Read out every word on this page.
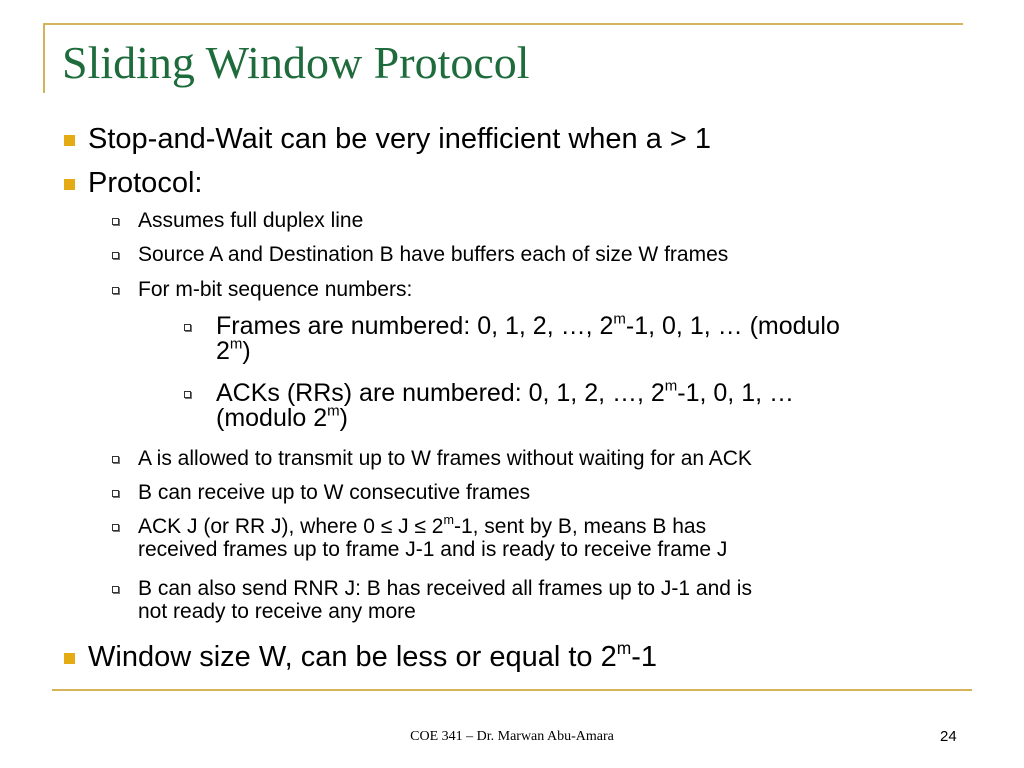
Sliding Window Protocol
Stop-and-Wait can be very inefficient when a > 1
Protocol:
Assumes full duplex line
Source A and Destination B have buffers each of size W frames
For m-bit sequence numbers:
Frames are numbered: 0, 1, 2, …, 2$^m$-1, 0, 1, … (modulo
2$^m$)
ACKs (RRs) are numbered: 0, 1, 2, …, 2$^m$-1, 0, 1, …
(modulo 2$^m$)
A is allowed to transmit up to W frames without waiting for an ACK
B can receive up to W consecutive frames
ACK J (or RR J), where $0 \le J \le 2^m-1$, sent by B, means B has
received frames up to frame J-1 and is ready to receive frame J
B can also send RNR J: B has received all frames up to J-1 and is
not ready to receive any more
Window size W, can be less or equal to 2$^m$-1
COE 341 – Dr. Marwan Abu-Amara	24
